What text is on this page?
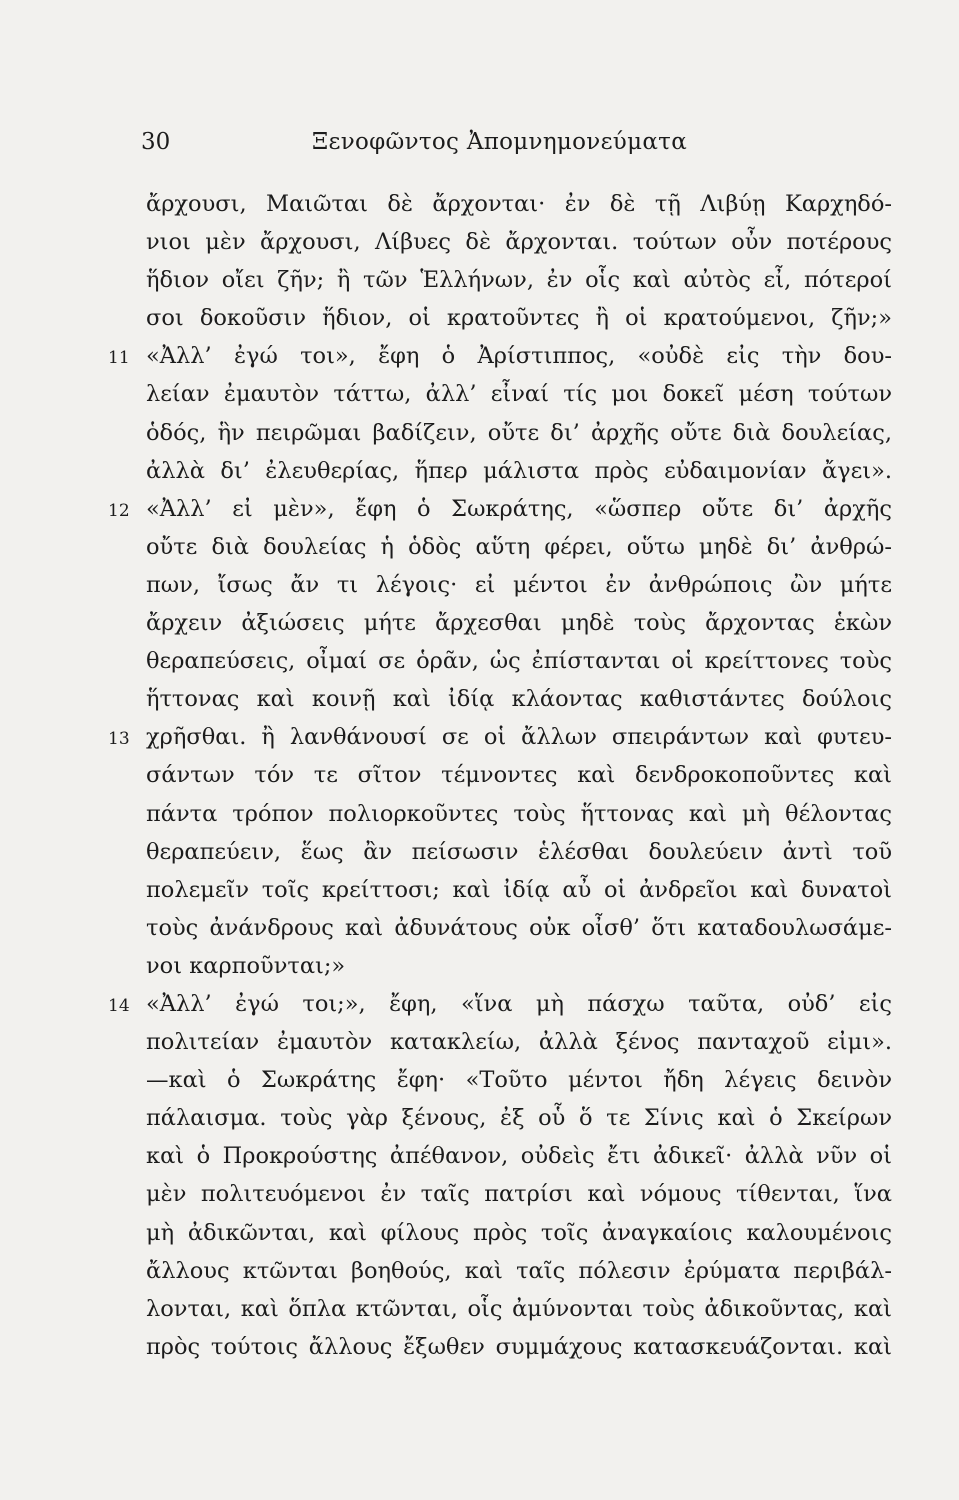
30	Ξενοφῶντος Ἀπομνημονεύματα
ἄρχουσι, Μαιῶται δὲ ἄρχονται· ἐν δὲ τῇ Λιβύῃ Καρχηδό-
νιοι μὲν ἄρχουσι, Λίβυες δὲ ἄρχονται. τούτων οὖν ποτέρους
ἥδιον οἴει ζῆν; ἢ τῶν Ἑλλήνων, ἐν οἷς καὶ αὐτὸς εἶ, πότεροί
σοι δοκοῦσιν ἥδιον, οἱ κρατοῦντες ἢ οἱ κρατούμενοι, ζῆν;»
11 «Ἀλλ’ ἐγώ τοι», ἔφη ὁ Ἀρίστιππος, «οὐδὲ εἰς τὴν δου-
λείαν ἐμαυτὸν τάττω, ἀλλ’ εἶναί τίς μοι δοκεῖ μέση τούτων
ὁδός, ἣν πειρῶμαι βαδίζειν, οὔτε δι’ ἀρχῆς οὔτε διὰ δουλείας,
ἀλλὰ δι’ ἐλευθερίας, ἥπερ μάλιστα πρὸς εὐδαιμονίαν ἄγει».
12 «Ἀλλ’ εἰ μὲν», ἔφη ὁ Σωκράτης, «ὥσπερ οὔτε δι’ ἀρχῆς
οὔτε διὰ δουλείας ἡ ὁδὸς αὕτη φέρει, οὕτω μηδὲ δι’ ἀνθρώ-
πων, ἴσως ἄν τι λέγοις· εἰ μέντοι ἐν ἀνθρώποις ὢν μήτε
ἄρχειν ἀξιώσεις μήτε ἄρχεσθαι μηδὲ τοὺς ἄρχοντας ἑκὼν
θεραπεύσεις, οἶμαί σε ὁρᾶν, ὡς ἐπίστανται οἱ κρείττονες τοὺς
ἥττονας καὶ κοινῇ καὶ ἰδίᾳ κλάοντας καθιστάντες δούλοις
13 χρῆσθαι. ἢ λανθάνουσί σε οἱ ἄλλων σπειράντων καὶ φυτευ-
σάντων τόν τε σῖτον τέμνοντες καὶ δενδροκοποῦντες καὶ
πάντα τρόπον πολιορκοῦντες τοὺς ἥττονας καὶ μὴ θέλοντας
θεραπεύειν, ἕως ἂν πείσωσιν ἑλέσθαι δουλεύειν ἀντὶ τοῦ
πολεμεῖν τοῖς κρείττοσι; καὶ ἰδίᾳ αὖ οἱ ἀνδρεῖοι καὶ δυνατοὶ
τοὺς ἀνάνδρους καὶ ἀδυνάτους οὐκ οἶσθ’ ὅτι καταδουλωσάμε-
νοι καρποῦνται;»
14 «Ἀλλ’ ἐγώ τοι;», ἔφη, «ἵνα μὴ πάσχω ταῦτα, οὐδ’ εἰς
πολιτείαν ἐμαυτὸν κατακλείω, ἀλλὰ ξένος πανταχοῦ εἰμι».
—καὶ ὁ Σωκράτης ἔφη· «Τοῦτο μέντοι ἤδη λέγεις δεινὸν
πάλαισμα. τοὺς γὰρ ξένους, ἐξ οὗ ὅ τε Σίνις καὶ ὁ Σκείρων
καὶ ὁ Προκρούστης ἀπέθανον, οὐδεὶς ἔτι ἀδικεῖ· ἀλλὰ νῦν οἱ
μὲν πολιτευόμενοι ἐν ταῖς πατρίσι καὶ νόμους τίθενται, ἵνα
μὴ ἀδικῶνται, καὶ φίλους πρὸς τοῖς ἀναγκαίοις καλουμένοις
ἄλλους κτῶνται βοηθούς, καὶ ταῖς πόλεσιν ἐρύματα περιβάλ-
λονται, καὶ ὅπλα κτῶνται, οἷς ἀμύνονται τοὺς ἀδικοῦντας, καὶ
πρὸς τούτοις ἄλλους ἔξωθεν συμμάχους κατασκευάζονται. καὶ
